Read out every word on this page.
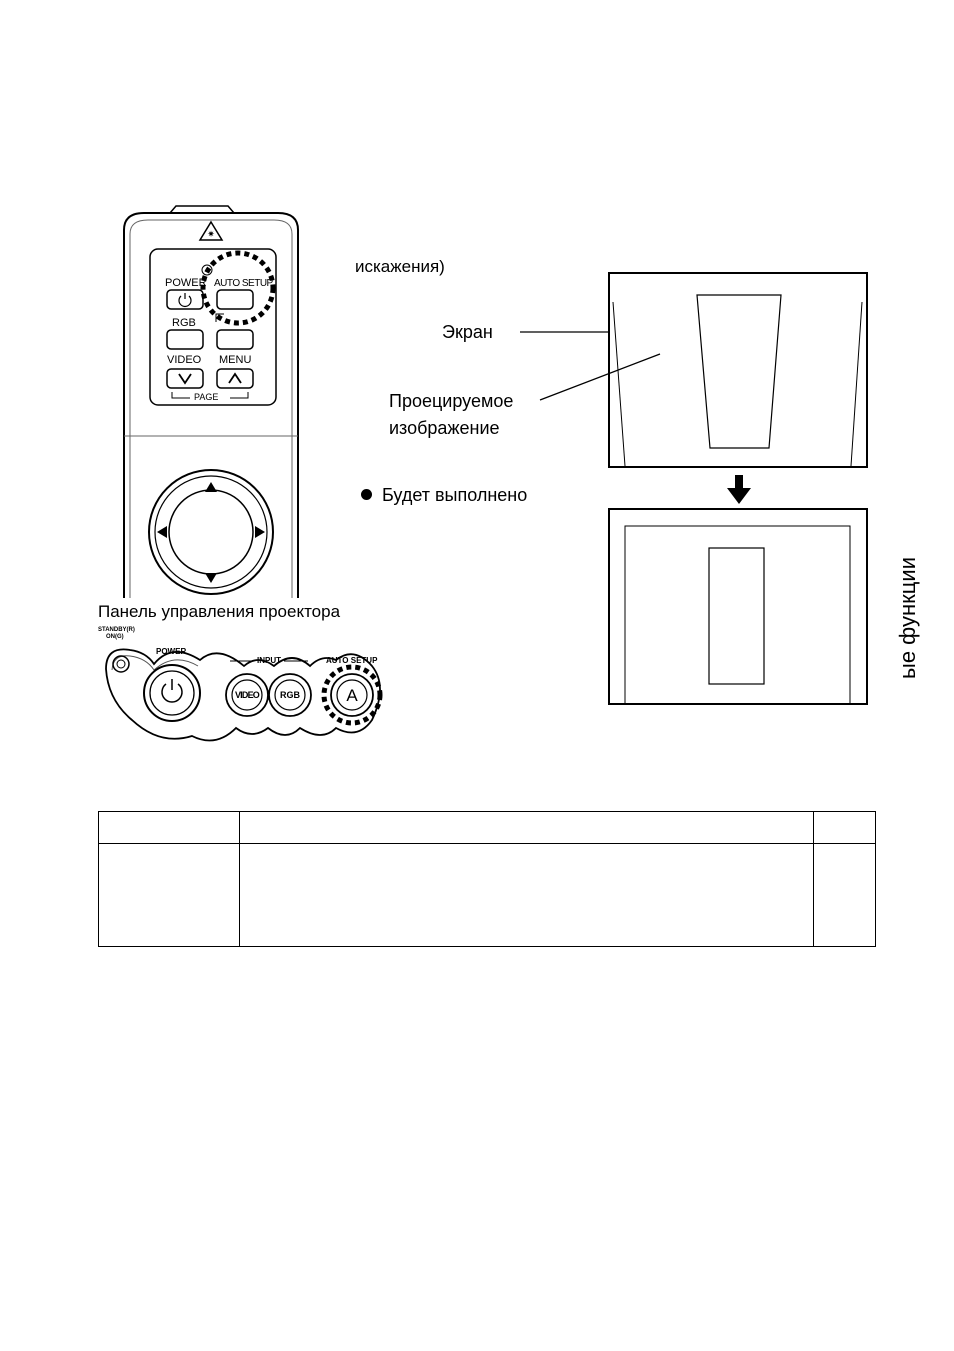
✷
POWER AUTO SETUP
RGB
VIDEO MENU
PAGE
Панель управления проектора
STANDBY(R)
ON(G)
POWER
INPUT	AUTO SETUP
VIDEO	RGB	A
искажения)
Экран
Проецируемое
изображение
Будет выполнено
ые функции
